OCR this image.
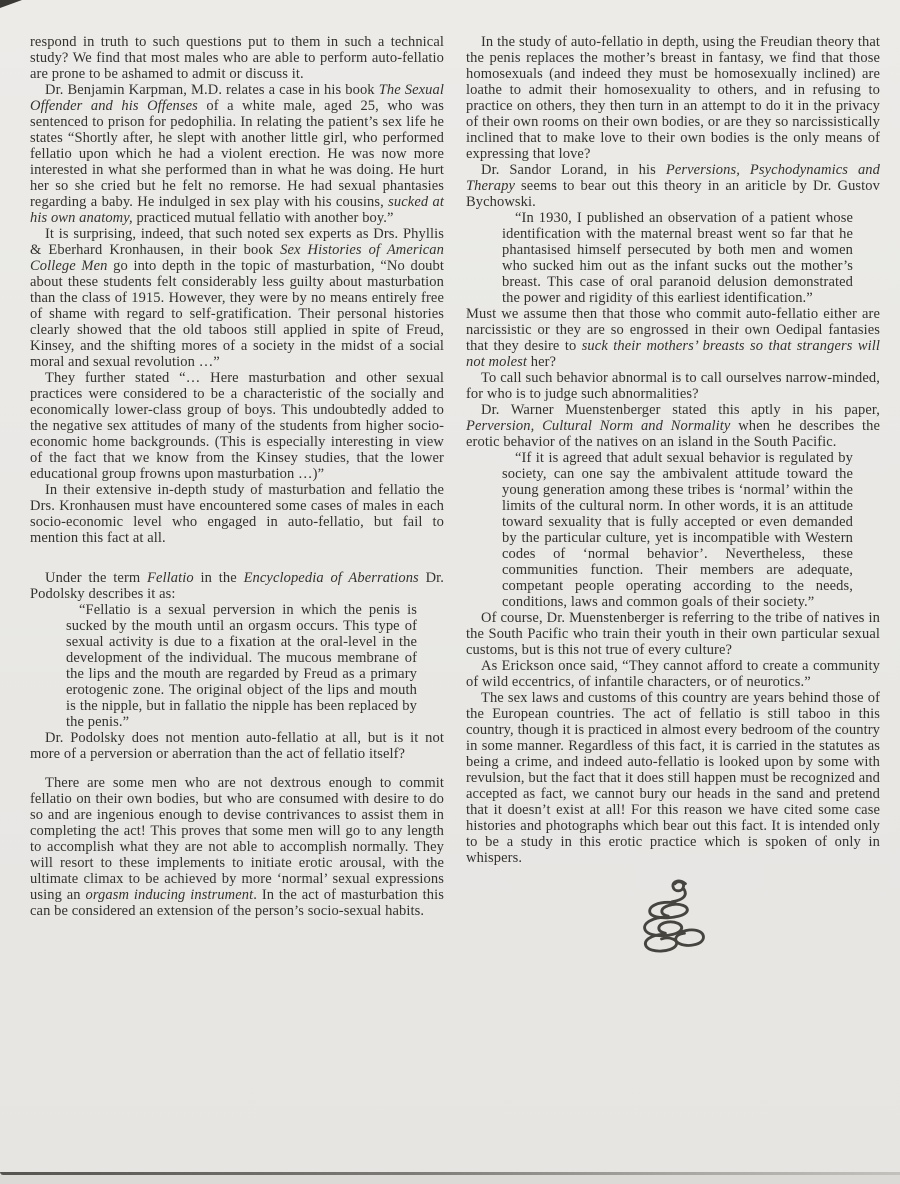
respond in truth to such questions put to them in such a technical study? We find that most males who are able to perform auto-fellatio are prone to be ashamed to admit or discuss it.

Dr. Benjamin Karpman, M.D. relates a case in his book The Sexual Offender and his Offenses of a white male, aged 25, who was sentenced to prison for pedophilia. In relating the patient’s sex life he states “Shortly after, he slept with another little girl, who performed fellatio upon which he had a violent erection. He was now more interested in what she performed than in what he was doing. He hurt her so she cried but he felt no remorse. He had sexual phantasies regarding a baby. He indulged in sex play with his cousins, sucked at his own anatomy, practiced mutual fellatio with another boy.”

It is surprising, indeed, that such noted sex experts as Drs. Phyllis & Eberhard Kronhausen, in their book Sex Histories of American College Men go into depth in the topic of masturbation, “No doubt about these students felt considerably less guilty about masturbation than the class of 1915. However, they were by no means entirely free of shame with regard to self-gratification. Their personal histories clearly showed that the old taboos still applied in spite of Freud, Kinsey, and the shifting mores of a society in the midst of a social moral and sexual revolution …”

They further stated “… Here masturbation and other sexual practices were considered to be a characteristic of the socially and economically lower-class group of boys. This undoubtedly added to the negative sex attitudes of many of the students from higher socio-economic home backgrounds. (This is especially interesting in view of the fact that we know from the Kinsey studies, that the lower educational group frowns upon masturbation …)”

In their extensive in-depth study of masturbation and fellatio the Drs. Kronhausen must have encountered some cases of males in each socio-economic level who engaged in auto-fellatio, but fail to mention this fact at all.

Under the term Fellatio in the Encyclopedia of Aberrations Dr. Podolsky describes it as:

“Fellatio is a sexual perversion in which the penis is sucked by the mouth until an orgasm occurs. This type of sexual activity is due to a fixation at the oral-level in the development of the individual. The mucous membrane of the lips and the mouth are regarded by Freud as a primary erotogenic zone. The original object of the lips and mouth is the nipple, but in fallatio the nipple has been replaced by the penis.”

Dr. Podolsky does not mention auto-fellatio at all, but is it not more of a perversion or aberration than the act of fellatio itself?

There are some men who are not dextrous enough to commit fellatio on their own bodies, but who are consumed with desire to do so and are ingenious enough to devise contrivances to assist them in completing the act! This proves that some men will go to any length to accomplish what they are not able to accomplish normally. They will resort to these implements to initiate erotic arousal, with the ultimate climax to be achieved by more ‘normal’ sexual expressions using an orgasm inducing instrument. In the act of masturbation this can be considered an extension of the person’s socio-sexual habits.

In the study of auto-fellatio in depth, using the Freudian theory that the penis replaces the mother’s breast in fantasy, we find that those homosexuals (and indeed they must be homosexually inclined) are loathe to admit their homosexuality to others, and in refusing to practice on others, they then turn in an attempt to do it in the privacy of their own rooms on their own bodies, or are they so narcissistically inclined that to make love to their own bodies is the only means of expressing that love?

Dr. Sandor Lorand, in his Perversions, Psychodynamics and Therapy seems to bear out this theory in an ariticle by Dr. Gustov Bychowski.

“In 1930, I published an observation of a patient whose identification with the maternal breast went so far that he phantasised himself persecuted by both men and women who sucked him out as the infant sucks out the mother’s breast. This case of oral paranoid delusion demonstrated the power and rigidity of this earliest identification.”

Must we assume then that those who commit auto-fellatio either are narcissistic or they are so engrossed in their own Oedipal fantasies that they desire to suck their mothers’ breasts so that strangers will not molest her?

To call such behavior abnormal is to call ourselves narrow-minded, for who is to judge such abnormalities?

Dr. Warner Muenstenberger stated this aptly in his paper, Perversion, Cultural Norm and Normality when he describes the erotic behavior of the natives on an island in the South Pacific.

“If it is agreed that adult sexual behavior is regulated by society, can one say the ambivalent attitude toward the young generation among these tribes is ‘normal’ within the limits of the cultural norm. In other words, it is an attitude toward sexuality that is fully accepted or even demanded by the particular culture, yet is incompatible with Western codes of ‘normal behavior’. Nevertheless, these communities function. Their members are adequate, competant people operating according to the needs, conditions, laws and common goals of their society.”

Of course, Dr. Muenstenberger is referring to the tribe of natives in the South Pacific who train their youth in their own particular sexual customs, but is this not true of every culture?

As Erickson once said, “They cannot afford to create a community of wild eccentrics, of infantile characters, or of neurotics.”

The sex laws and customs of this country are years behind those of the European countries. The act of fellatio is still taboo in this country, though it is practiced in almost every bedroom of the country in some manner. Regardless of this fact, it is carried in the statutes as being a crime, and indeed auto-fellatio is looked upon by some with revulsion, but the fact that it does still happen must be recognized and accepted as fact, we cannot bury our heads in the sand and pretend that it doesn’t exist at all! For this reason we have cited some case histories and photographs which bear out this fact. It is intended only to be a study in this erotic practice which is spoken of only in whispers.
